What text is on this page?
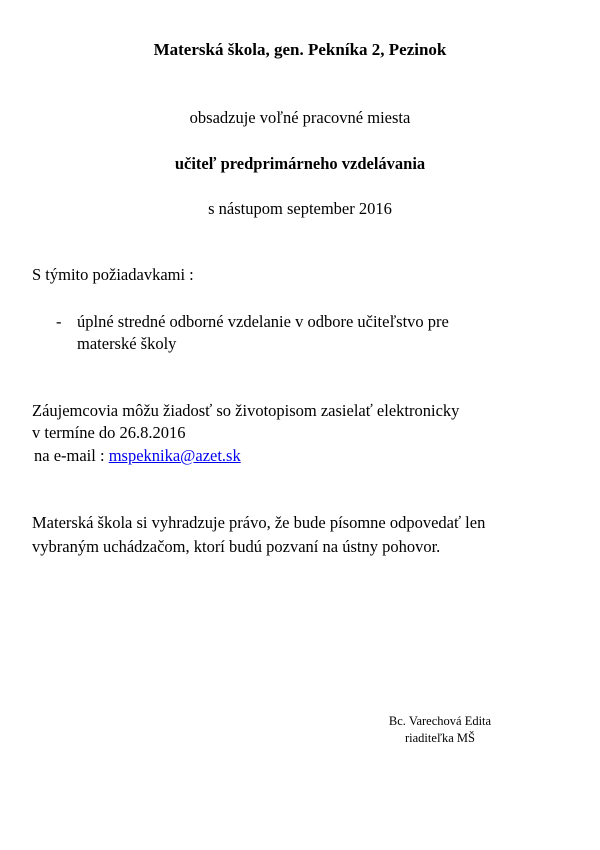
Materská škola, gen. Pekníka 2, Pezinok
obsadzuje voľné pracovné miesta
učiteľ predprimárneho vzdelávania
s nástupom september 2016
S týmito požiadavkami :
- úplné stredné odborné vzdelanie v odbore učiteľstvo pre
materské školy
Záujemcovia môžu žiadosť so životopisom zasielať elektronicky
v termíne do 26.8.2016
na e-mail : mspeknika@azet.sk
Materská škola si vyhradzuje právo, že bude písomne odpovedať len
vybraným uchádzačom, ktorí budú pozvaní na ústny pohovor.
Bc. Varechová Edita
riaditeľka MŠ
